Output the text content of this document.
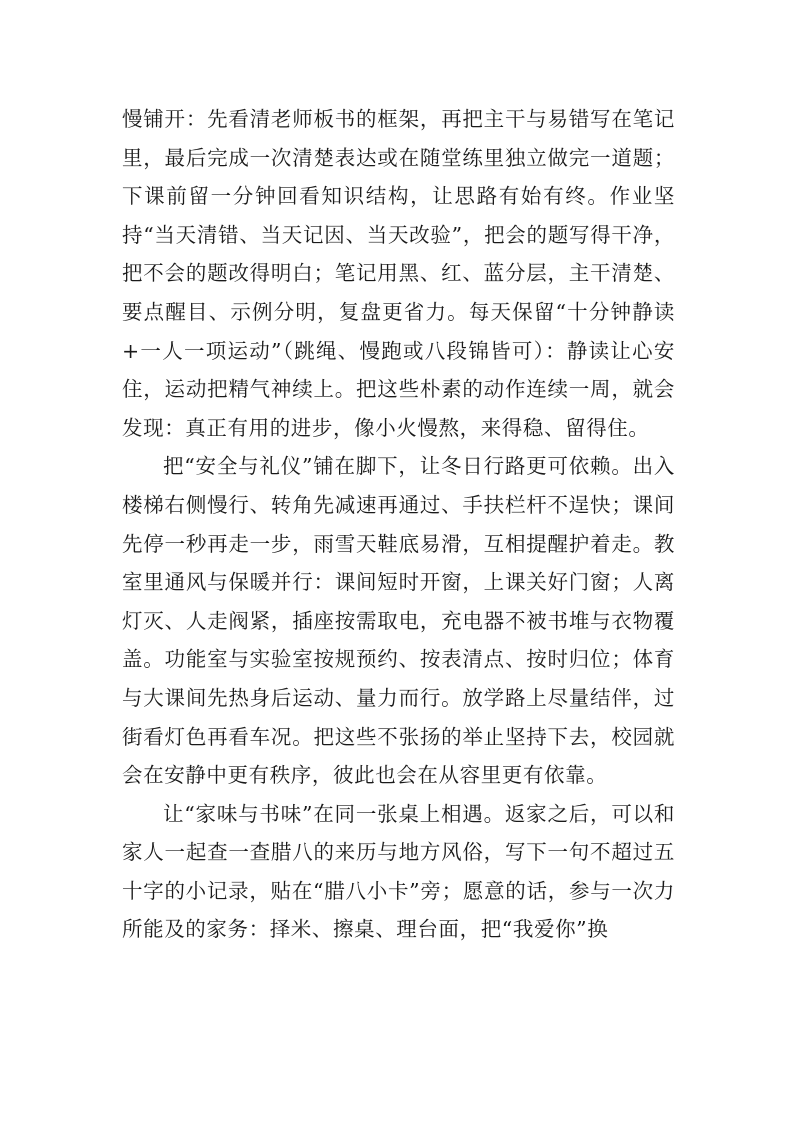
慢铺开：先看清老师板书的框架，再把主干与易错写在笔记里，最后完成一次清楚表达或在随堂练里独立做完一道题；下课前留一分钟回看知识结构，让思路有始有终。作业坚持“当天清错、当天记因、当天改验”，把会的题写得干净，把不会的题改得明白；笔记用黑、红、蓝分层，主干清楚、要点醒目、示例分明，复盘更省力。每天保留“十分钟静读+一人一项运动”（跳绳、慢跑或八段锦皆可）：静读让心安住，运动把精气神续上。把这些朴素的动作连续一周，就会发现：真正有用的进步，像小火慢熬，来得稳、留得住。

把“安全与礼仪”铺在脚下，让冬日行路更可依赖。出入楼梯右侧慢行、转角先减速再通过、手扶栏杆不逞快；课间先停一秒再走一步，雨雪天鞋底易滑，互相提醒护着走。教室里通风与保暖并行：课间短时开窗，上课关好门窗；人离灯灭、人走阀紧，插座按需取电，充电器不被书堆与衣物覆盖。功能室与实验室按规预约、按表清点、按时归位；体育与大课间先热身后运动、量力而行。放学路上尽量结伴，过街看灯色再看车况。把这些不张扬的举止坚持下去，校园就会在安静中更有秩序，彼此也会在从容里更有依靠。

让“家味与书味”在同一张桌上相遇。返家之后，可以和家人一起查一查腊八的来历与地方风俗，写下一句不超过五十字的小记录，贴在“腊八小卡”旁；愿意的话，参与一次力所能及的家务：择米、擦桌、理台面，把“我爱你”换
